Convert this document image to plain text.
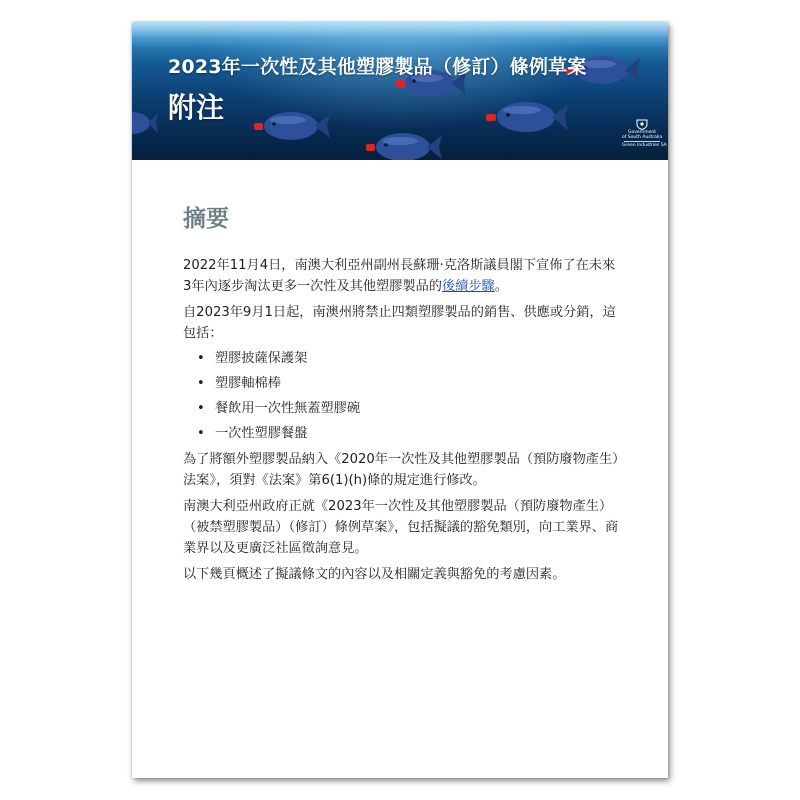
2023年一次性及其他塑膠製品（修訂）條例草案
附注
Government
of South Australia
Green Industries SA
摘要

2022年11月4日，南澳大利亞州副州長蘇珊·克洛斯議員閣下宣佈了在未來3年內逐步淘汰更多一次性及其他塑膠製品的後續步驟。

自2023年9月1日起，南澳州將禁止四類塑膠製品的銷售、供應或分銷，這包括：

• 塑膠披薩保護架
• 塑膠軸棉棒
• 餐飲用一次性無蓋塑膠碗
• 一次性塑膠餐盤

為了將額外塑膠製品納入《2020年一次性及其他塑膠製品（預防廢物產生）法案》，須對《法案》第6(1)(h)條的規定進行修改。

南澳大利亞州政府正就《2023年一次性及其他塑膠製品（預防廢物產生）（被禁塑膠製品）（修訂）條例草案》，包括擬議的豁免類別，向工業界、商業界以及更廣泛社區徵詢意見。

以下幾頁概述了擬議條文的內容以及相關定義與豁免的考慮因素。
